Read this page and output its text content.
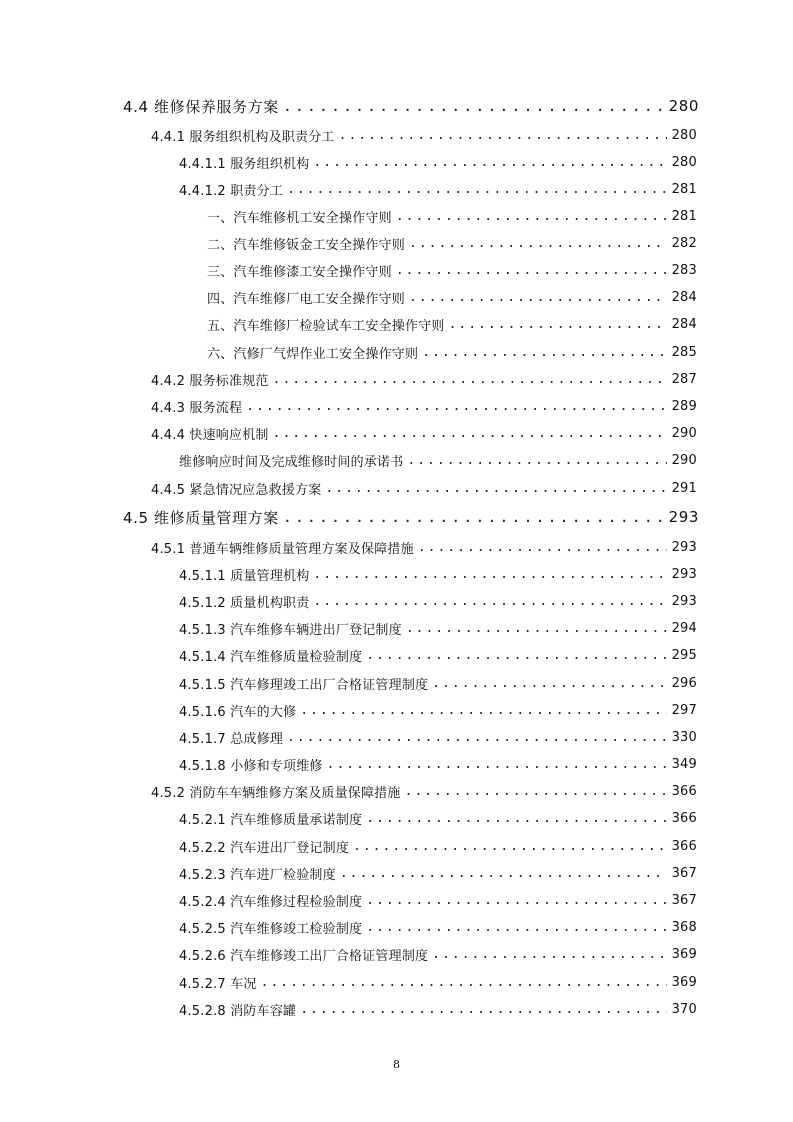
4.4 维修保养服务方案 .....	280
4.4.1 服务组织机构及职责分工 .....	280
4.4.1.1 服务组织机构 .....	280
4.4.1.2 职责分工 .....	281
一、汽车维修机工安全操作守则 .....	281
二、汽车维修钣金工安全操作守则 .....	282
三、汽车维修漆工安全操作守则 .....	283
四、汽车维修厂电工安全操作守则 .....	284
五、汽车维修厂检验试车工安全操作守则 .....	284
六、汽修厂气焊作业工安全操作守则 .....	285
4.4.2 服务标准规范 .....	287
4.4.3 服务流程 .....	289
4.4.4 快速响应机制 .....	290
维修响应时间及完成维修时间的承诺书 .....	290
4.4.5 紧急情况应急救援方案 .....	291
4.5 维修质量管理方案 .....	293
4.5.1 普通车辆维修质量管理方案及保障措施 .....	293
4.5.1.1 质量管理机构 .....	293
4.5.1.2 质量机构职责 .....	293
4.5.1.3 汽车维修车辆进出厂登记制度 .....	294
4.5.1.4 汽车维修质量检验制度 .....	295
4.5.1.5 汽车修理竣工出厂合格证管理制度 .....	296
4.5.1.6 汽车的大修 .....	297
4.5.1.7 总成修理 .....	330
4.5.1.8 小修和专项维修 .....	349
4.5.2 消防车车辆维修方案及质量保障措施 .....	366
4.5.2.1 汽车维修质量承诺制度 .....	366
4.5.2.2 汽车进出厂登记制度 .....	366
4.5.2.3 汽车进厂检验制度 .....	367
4.5.2.4 汽车维修过程检验制度 .....	367
4.5.2.5 汽车维修竣工检验制度 .....	368
4.5.2.6 汽车维修竣工出厂合格证管理制度 .....	369
4.5.2.7 车况 .....	369
4.5.2.8 消防车容罐 .....	370
8
